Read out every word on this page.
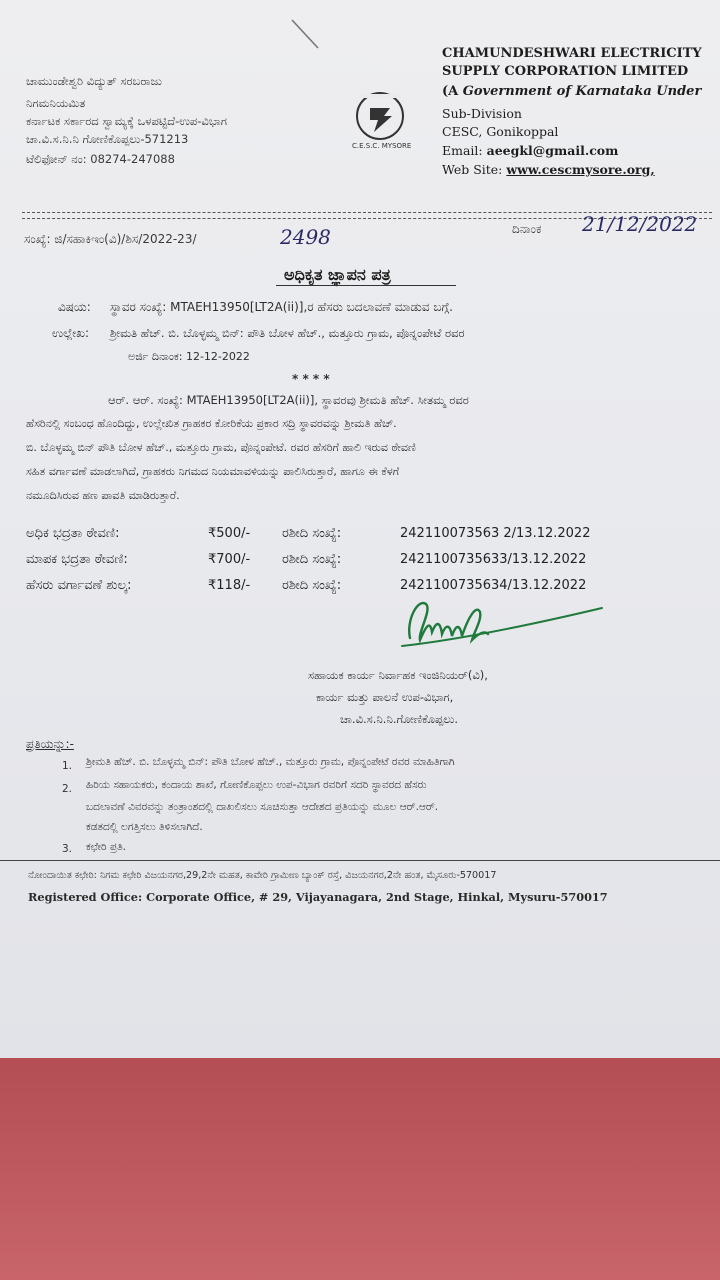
ಚಾಮುಂಡೇಶ್ವರಿ ವಿದ್ಯುತ್ ಸರಬರಾಜು
ನಿಗಮನಿಯಮಿತ
ಕರ್ನಾಟಕ ಸರ್ಕಾರದ ಸ್ವಾಮ್ಯಕ್ಕೆ ಒಳಪಟ್ಟಿದೆ-ಉಪ-ವಿಭಾಗ
ಚಾ.ವಿ.ಸ.ನಿ.ನಿ ಗೋಣಿಕೊಪ್ಪಲು-571213
ಟೆಲಿಫೋನ್ ನಂ: 08274-247088
C.E.S.C. MYSORE
CHAMUNDESHWARI ELECTRICITY
SUPPLY CORPORATION LIMITED
(A Government of Karnataka Under
Sub-Division
CESC, Gonikoppal
Email: aeegkl@gmail.com
Web Site: www.cescmysore.org,
ಸಂಖ್ಯೆ: ಜಿ/ಸಹಾಕಿಇಂ(ವಿ)/ಶಿಸ/2022-23/	2498	ದಿನಾಂಕ 21/12/2022
ಅಧಿಕೃತ ಜ್ಞಾಪನ ಪತ್ರ
ವಿಷಯ: ಸ್ಥಾವರ ಸಂಖ್ಯೆ: MTAEH13950[LT2A(ii)],ರ ಹೆಸರು ಬದಲಾವಣೆ ಮಾಡುವ ಬಗ್ಗೆ.
ಉಲ್ಲೇಖ: ಶ್ರೀಮತಿ ಹೆಚ್. ಬಿ. ಬೊಳ್ಳಮ್ಮ ಬಿನ್: ಪೌತಿ ಬೋಳ ಹೆಚ್., ಮತ್ತೂರು ಗ್ರಾಮ, ಪೊನ್ನಂಪೇಟೆ ರವರ
ಅರ್ಜಿ ದಿನಾಂಕ: 12-12-2022
* * * *
ಆರ್. ಆರ್. ಸಂಖ್ಯೆ: MTAEH13950[LT2A(ii)], ಸ್ಥಾವರವು ಶ್ರೀಮತಿ ಹೆಚ್. ಸೀತಮ್ಮ ರವರ
ಹೆಸರಿನಲ್ಲಿ ಸಂಬಂಧ ಹೊಂದಿದ್ದು, ಉಲ್ಲೇಖಿತ ಗ್ರಾಹಕರ ಕೋರಿಕೆಯ ಪ್ರಕಾರ ಸದ್ರಿ ಸ್ಥಾವರವನ್ನು ಶ್ರೀಮತಿ ಹೆಚ್.
ಬಿ. ಬೊಳ್ಳಮ್ಮ ಬಿನ್ ಪೌತಿ ಬೋಳ ಹೆಚ್., ಮತ್ತೂರು ಗ್ರಾಮ, ಪೊನ್ನಂಪೇಟೆ. ರವರ ಹೆಸರಿಗೆ ಹಾಲಿ ಇರುವ ಠೇವಣಿ
ಸಹಿತ ವರ್ಗಾವಣೆ ಮಾಡಲಾಗಿದೆ, ಗ್ರಾಹಕರು ನಿಗಮದ ನಿಯಮಾವಳಿಯನ್ನು ಪಾಲಿಸಿರುತ್ತಾರೆ, ಹಾಗೂ ಈ ಕೆಳಗೆ
ನಮೂದಿಸಿರುವ ಹಣ ಪಾವತಿ ಮಾಡಿರುತ್ತಾರೆ.
ಅಧಿಕ ಭದ್ರತಾ ಠೇವಣಿ:	₹500/- ರಶೀದಿ ಸಂಖ್ಯೆ:	242110073563 2/13.12.2022
ಮಾಪಕ ಭದ್ರತಾ ಠೇವಣಿ:	₹700/- ರಶೀದಿ ಸಂಖ್ಯೆ:	2421100735633/13.12.2022
ಹೆಸರು ವರ್ಗಾವಣೆ ಶುಲ್ಕ:	₹118/- ರಶೀದಿ ಸಂಖ್ಯೆ:	2421100735634/13.12.2022
ಸಹಾಯಕ ಕಾರ್ಯ ನಿರ್ವಾಹಕ ಇಂಜಿನಿಯರ್(ವಿ),
ಕಾರ್ಯ ಮತ್ತು ಪಾಲನೆ ಉಪ-ವಿಭಾಗ,
ಚಾ.ವಿ.ಸ.ನಿ.ನಿ.ಗೋಣಿಕೊಪ್ಪಲು.
ಪ್ರತಿಯನ್ನು:-
1. ಶ್ರೀಮತಿ ಹೆಚ್. ಬಿ. ಬೊಳ್ಳಮ್ಮ ಬಿನ್: ಪೌತಿ ಬೋಳ ಹೆಚ್., ಮತ್ತೂರು ಗ್ರಾಮ, ಪೊನ್ನಂಪೇಟೆ ರವರ ಮಾಹಿತಿಗಾಗಿ
2. ಹಿರಿಯ ಸಹಾಯಕರು, ಕಂದಾಯ ಶಾಖೆ, ಗೋಣಿಕೊಪ್ಪಲು ಉಪ-ವಿಭಾಗ ರವರಿಗೆ ಸದರಿ ಸ್ಥಾವರದ ಹೆಸರು
ಬದಲಾವಣೆ ವಿವರವನ್ನು ತಂತ್ರಾಂಶದಲ್ಲಿ ದಾಖಲಿಸಲು ಸೂಚಿಸುತ್ತಾ ಆದೇಶದ ಪ್ರತಿಯನ್ನು ಮೂಲ ಆರ್.ಆರ್.
ಕಡತದಲ್ಲಿ ಲಗತ್ತಿಸಲು ತಿಳಿಸಲಾಗಿದೆ.
3. ಕಛೇರಿ ಪ್ರತಿ.
ನೋಂದಾಯಿತ ಕಛೇರಿ: ನಿಗಮ ಕಛೇರಿ ವಿಜಯನಗರ,29,2ನೇ ಮಹತ, ಕಾವೇರಿ ಗ್ರಾಮೀಣ ಬ್ಯಾಂಕ್ ರಸ್ತೆ, ವಿಜಯನಗರ,2ನೇ ಹಂತ, ಮೈಸೂರು-570017
Registered Office: Corporate Office, # 29, Vijayanagara, 2nd Stage, Hinkal, Mysuru-570017
